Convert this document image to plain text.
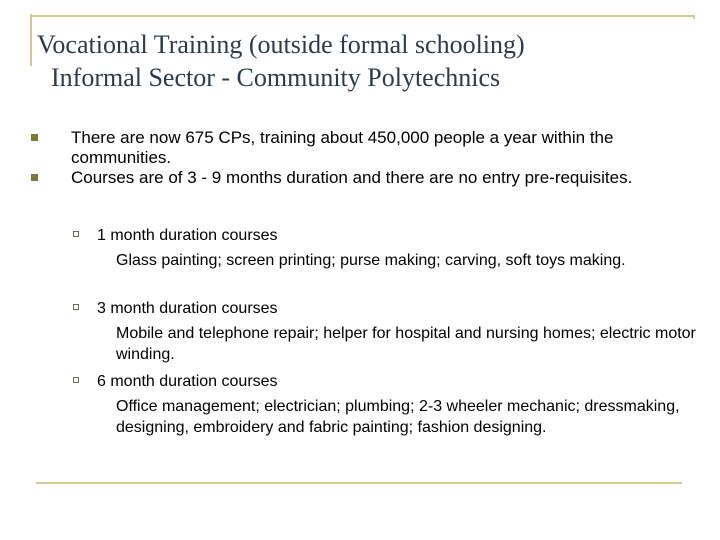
Vocational Training (outside formal schooling)
Informal Sector - Community Polytechnics
There are now 675 CPs, training about 450,000 people a year within the communities.
Courses are of 3 - 9 months duration and there are no entry pre-requisites.
1 month duration courses
Glass painting; screen printing; purse making; carving, soft toys making.
3 month duration courses
Mobile and telephone repair; helper for hospital and nursing homes; electric motor winding.
6 month duration courses
Office management; electrician; plumbing; 2-3 wheeler mechanic; dressmaking, designing, embroidery and fabric painting; fashion designing.
